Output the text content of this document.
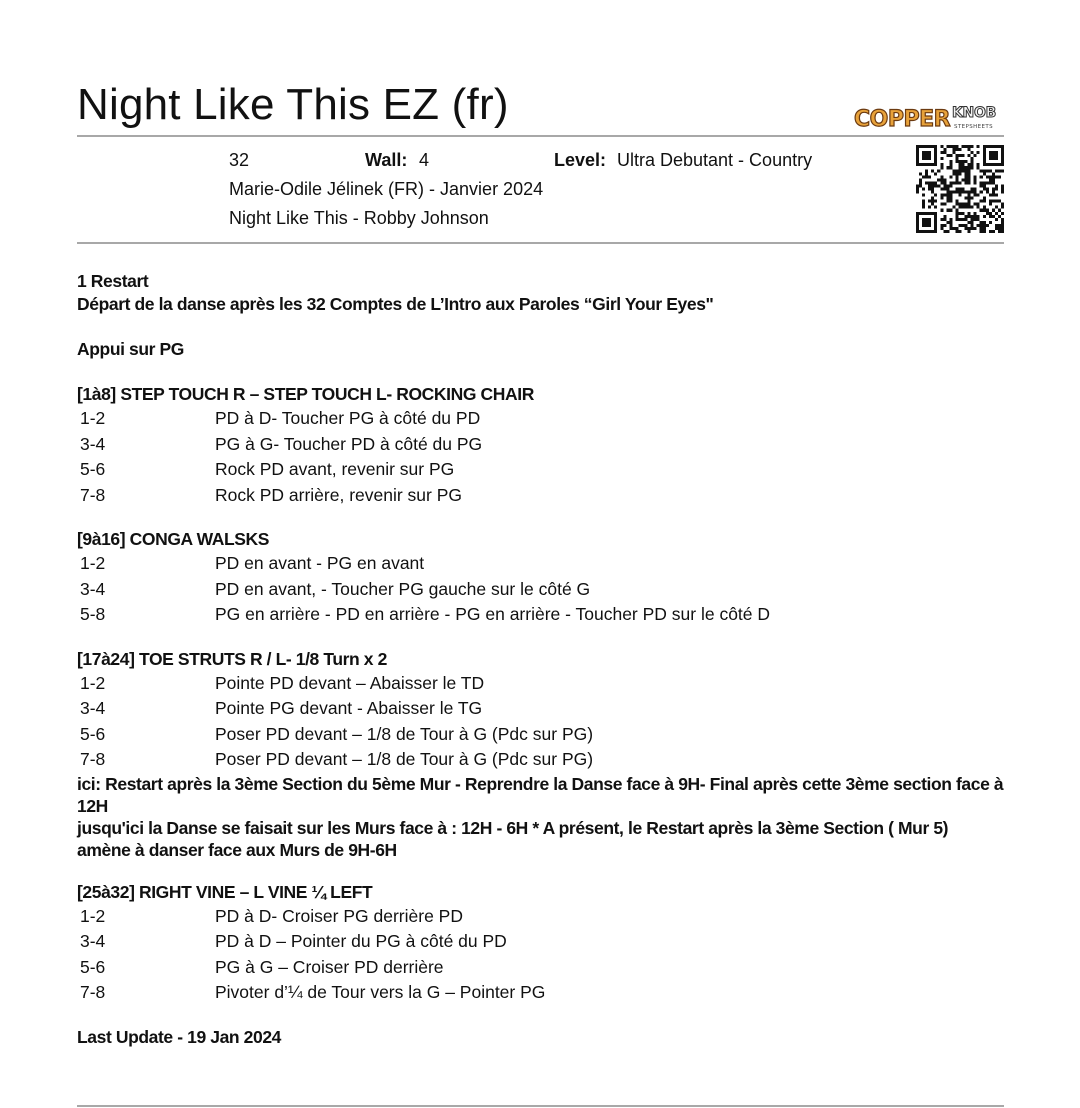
Night Like This EZ (fr)	COPPER KNOB
STEPSHEETS
32	Wall: 4	Level: Ultra Debutant - Country
Marie-Odile Jélinek (FR) - Janvier 2024
Night Like This - Robby Johnson
1 Restart
Départ de la danse après les 32 Comptes de L’Intro aux Paroles “Girl Your Eyes"
Appui sur PG
[1à8] STEP TOUCH R – STEP TOUCH L- ROCKING CHAIR
1-2	PD à D- Toucher PG à côté du PD
3-4	PG à G- Toucher PD à côté du PG
5-6	Rock PD avant, revenir sur PG
7-8	Rock PD arrière, revenir sur PG
[9à16] CONGA WALSKS
1-2	PD en avant - PG en avant
3-4	PD en avant, - Toucher PG gauche sur le côté G
5-8	PG en arrière - PD en arrière - PG en arrière - Toucher PD sur le côté D
[17à24] TOE STRUTS R / L- 1/8 Turn x 2
1-2	Pointe PD devant – Abaisser le TD
3-4	Pointe PG devant - Abaisser le TG
5-6	Poser PD devant – 1/8 de Tour à G (Pdc sur PG)
7-8	Poser PD devant – 1/8 de Tour à G (Pdc sur PG)
ici: Restart après la 3ème Section du 5ème Mur - Reprendre la Danse face à 9H- Final après cette 3ème section face à 12H
jusqu'ici la Danse se faisait sur les Murs face à : 12H - 6H * A présent, le Restart après la 3ème Section ( Mur 5) amène à danser face aux Murs de 9H-6H
[25à32] RIGHT VINE – L VINE ¼ LEFT
1-2	PD à D- Croiser PG derrière PD
3-4	PD à D – Pointer du PG à côté du PD
5-6	PG à G – Croiser PD derrière
7-8	Pivoter d’¼ de Tour vers la G – Pointer PG
Last Update - 19 Jan 2024
